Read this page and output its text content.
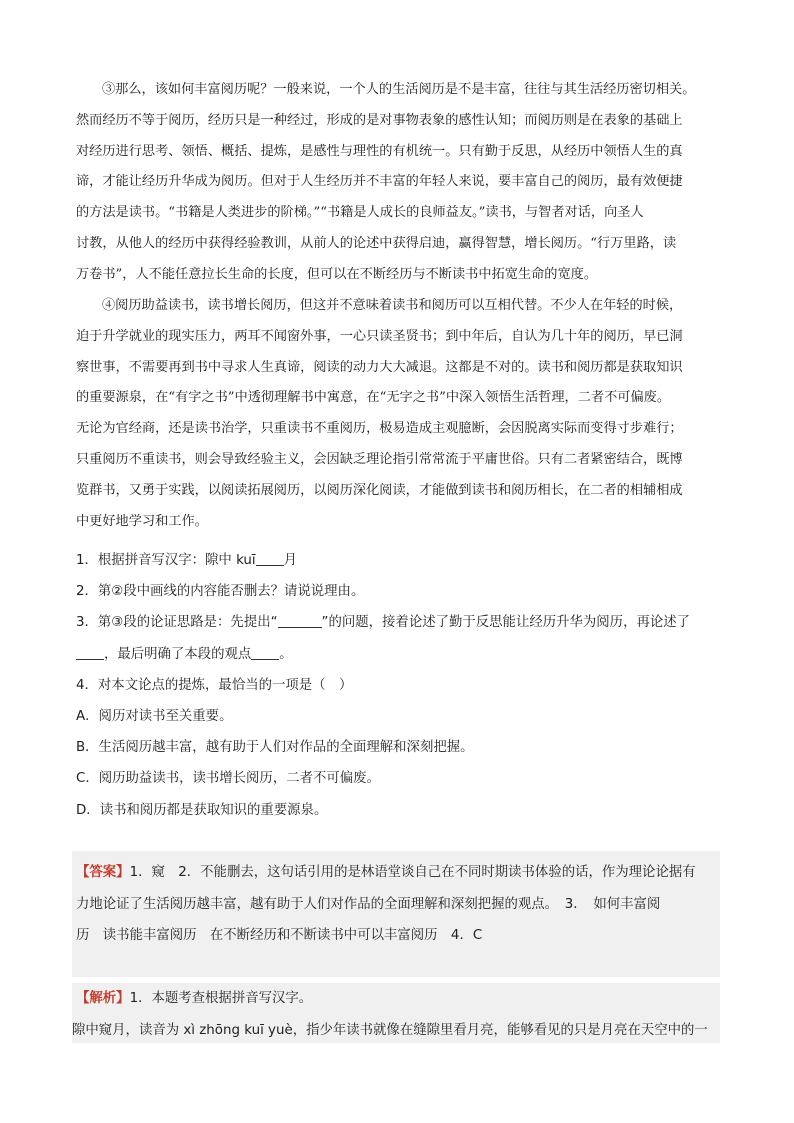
③那么，该如何丰富阅历呢？一般来说，一个人的生活阅历是不是丰富，往往与其生活经历密切相关。
然而经历不等于阅历，经历只是一种经过，形成的是对事物表象的感性认知；而阅历则是在表象的基础上
对经历进行思考、领悟、概括、提炼，是感性与理性的有机统一。只有勤于反思，从经历中领悟人生的真
谛，才能让经历升华成为阅历。但对于人生经历并不丰富的年轻人来说，要丰富自己的阅历，最有效便捷
的方法是读书。“书籍是人类进步的阶梯。”“书籍是人成长的良师益友。”读书，与智者对话，向圣人
讨教，从他人的经历中获得经验教训，从前人的论述中获得启迪，赢得智慧，增长阅历。“行万里路，读
万卷书”，人不能任意拉长生命的长度，但可以在不断经历与不断读书中拓宽生命的宽度。
④阅历助益读书，读书增长阅历，但这并不意味着读书和阅历可以互相代替。不少人在年轻的时候，
迫于升学就业的现实压力，两耳不闻窗外事，一心只读圣贤书；到中年后，自认为几十年的阅历，早已洞
察世事，不需要再到书中寻求人生真谛，阅读的动力大大减退。这都是不对的。读书和阅历都是获取知识
的重要源泉，在“有字之书”中透彻理解书中寓意，在“无字之书”中深入领悟生活哲理，二者不可偏废。
无论为官经商，还是读书治学，只重读书不重阅历，极易造成主观臆断，会因脱离实际而变得寸步难行；
只重阅历不重读书，则会导致经验主义，会因缺乏理论指引常常流于平庸世俗。只有二者紧密结合，既博
览群书，又勇于实践，以阅读拓展阅历，以阅历深化阅读，才能做到读书和阅历相长，在二者的相辅相成
中更好地学习和工作。
1．根据拼音写汉字：隙中 kuī 月
2．第②段中画线的内容能否删去？请说说理由。
3．第③段的论证思路是：先提出“	”的问题，接着论述了勤于反思能让经历升华为阅历，再论述了
，最后明确了本段的观点 。
4．对本文论点的提炼，最恰当的一项是（　）
A．阅历对读书至关重要。
B．生活阅历越丰富，越有助于人们对作品的全面理解和深刻把握。
C．阅历助益读书，读书增长阅历，二者不可偏废。
D．读书和阅历都是获取知识的重要源泉。
【答案】1．窥　2．不能删去，这句话引用的是林语堂谈自己在不同时期读书体验的话，作为理论论据有
力地论证了生活阅历越丰富，越有助于人们对作品的全面理解和深刻把握的观点。　3．　如何丰富阅
历　读书能丰富阅历　在不断经历和不断读书中可以丰富阅历　4．C
【解析】1．本题考查根据拼音写汉字。
隙中窥月，读音为 xì zhōng kuī yuè，指少年读书就像在缝隙里看月亮，能够看见的只是月亮在天空中的一
